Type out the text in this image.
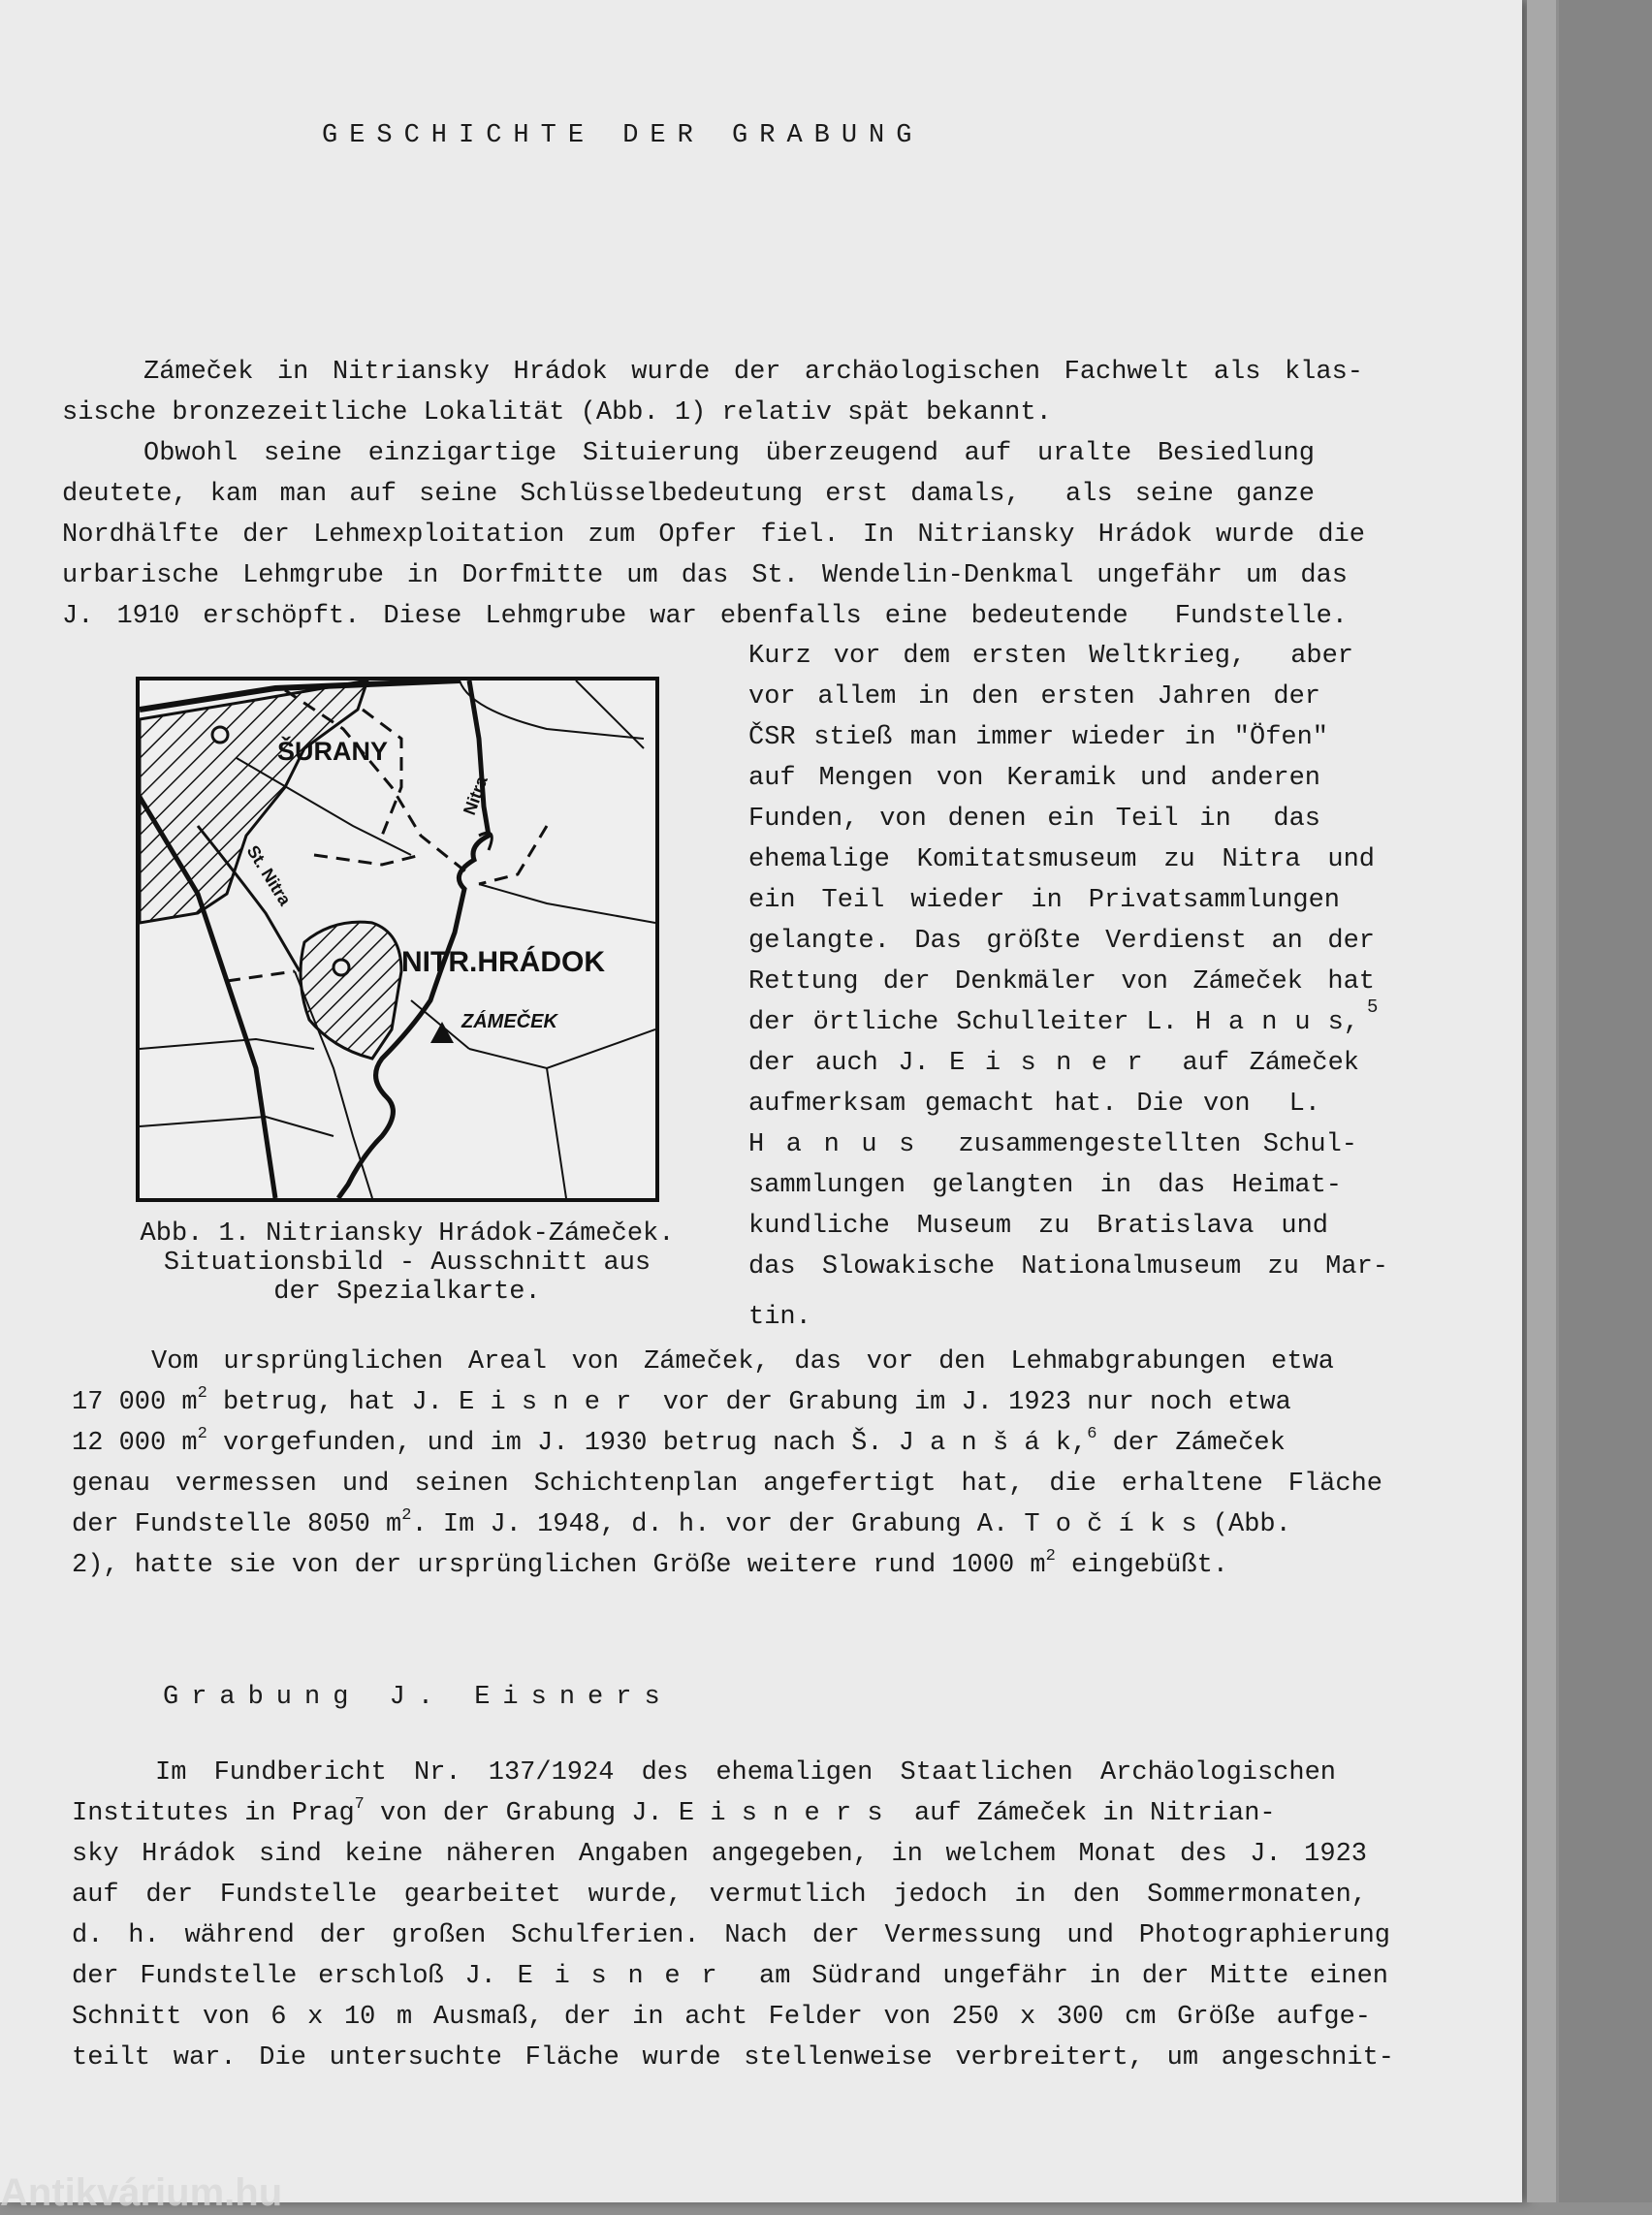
GESCHICHTE DER GRABUNG
Zámeček in Nitriansky Hrádok wurde der archäologischen Fachwelt als klas-
sische bronzezeitliche Lokalität (Abb. 1) relativ spät bekannt.
Obwohl seine einzigartige Situierung überzeugend auf uralte Besiedlung
deutete, kam man auf seine Schlüsselbedeutung erst damals,  als seine ganze
Nordhälfte der Lehmexploitation zum Opfer fiel. In Nitriansky Hrádok wurde die
urbarische Lehmgrube in Dorfmitte um das St. Wendelin-Denkmal ungefähr um das
J. 1910 erschöpft. Diese Lehmgrube war ebenfalls eine bedeutende  Fundstelle.
Kurz vor dem ersten Weltkrieg,  aber
vor allem in den ersten Jahren der
ČSR stieß man immer wieder in "Öfen"
auf Mengen von Keramik und anderen
Funden, von denen ein Teil in  das
ehemalige Komitatsmuseum zu Nitra und
ein Teil wieder in Privatsammlungen
gelangte. Das größte Verdienst an der
Rettung der Denkmäler von Zámeček hat
der örtliche Schulleiter L. H a n u s,
5
der auch J. E i s n e r  auf Zámeček
aufmerksam gemacht hat. Die von  L.
H a n u s  zusammengestellten Schul-
sammlungen gelangten in das Heimat-
kundliche Museum zu Bratislava und
das Slowakische Nationalmuseum zu Mar-
tin.
ŠURANY
Nitra
St. Nitra
NITR.HRÁDOK
ZÁMEČEK
Abb. 1. Nitriansky Hrádok-Zámeček.
Situationsbild - Ausschnitt aus
der Spezialkarte.
Vom ursprünglichen Areal von Zámeček, das vor den Lehmabgrabungen etwa
17 000 $m^2$ betrug, hat J. E i s n e r  vor der Grabung im J. 1923 nur noch etwa
12 000 $m^2$ vorgefunden, und im J. 1930 betrug nach Š. J a n š á k,$^6$ der Zámeček
genau vermessen und seinen Schichtenplan angefertigt hat, die erhaltene Fläche
der Fundstelle 8050 $m^2$. Im J. 1948, d. h. vor der Grabung A. T o č í k s (Abb.
2), hatte sie von der ursprünglichen Größe weitere rund 1000 $m^2$ eingebüßt.
Grabung J. Eisners
Im Fundbericht Nr. 137/1924 des ehemaligen Staatlichen Archäologischen
Institutes in Prag$^7$ von der Grabung J. E i s n e r s  auf Zámeček in Nitrian-
sky Hrádok sind keine näheren Angaben angegeben, in welchem Monat des J. 1923
auf der Fundstelle gearbeitet wurde, vermutlich jedoch in den Sommermonaten,
d. h. während der großen Schulferien. Nach der Vermessung und Photographierung
der Fundstelle erschloß J. E i s n e r  am Südrand ungefähr in der Mitte einen
Schnitt von 6 x 10 m Ausmaß, der in acht Felder von 250 x 300 cm Größe aufge-
teilt war. Die untersuchte Fläche wurde stellenweise verbreitert, um angeschnit-
Antikvárium.hu
